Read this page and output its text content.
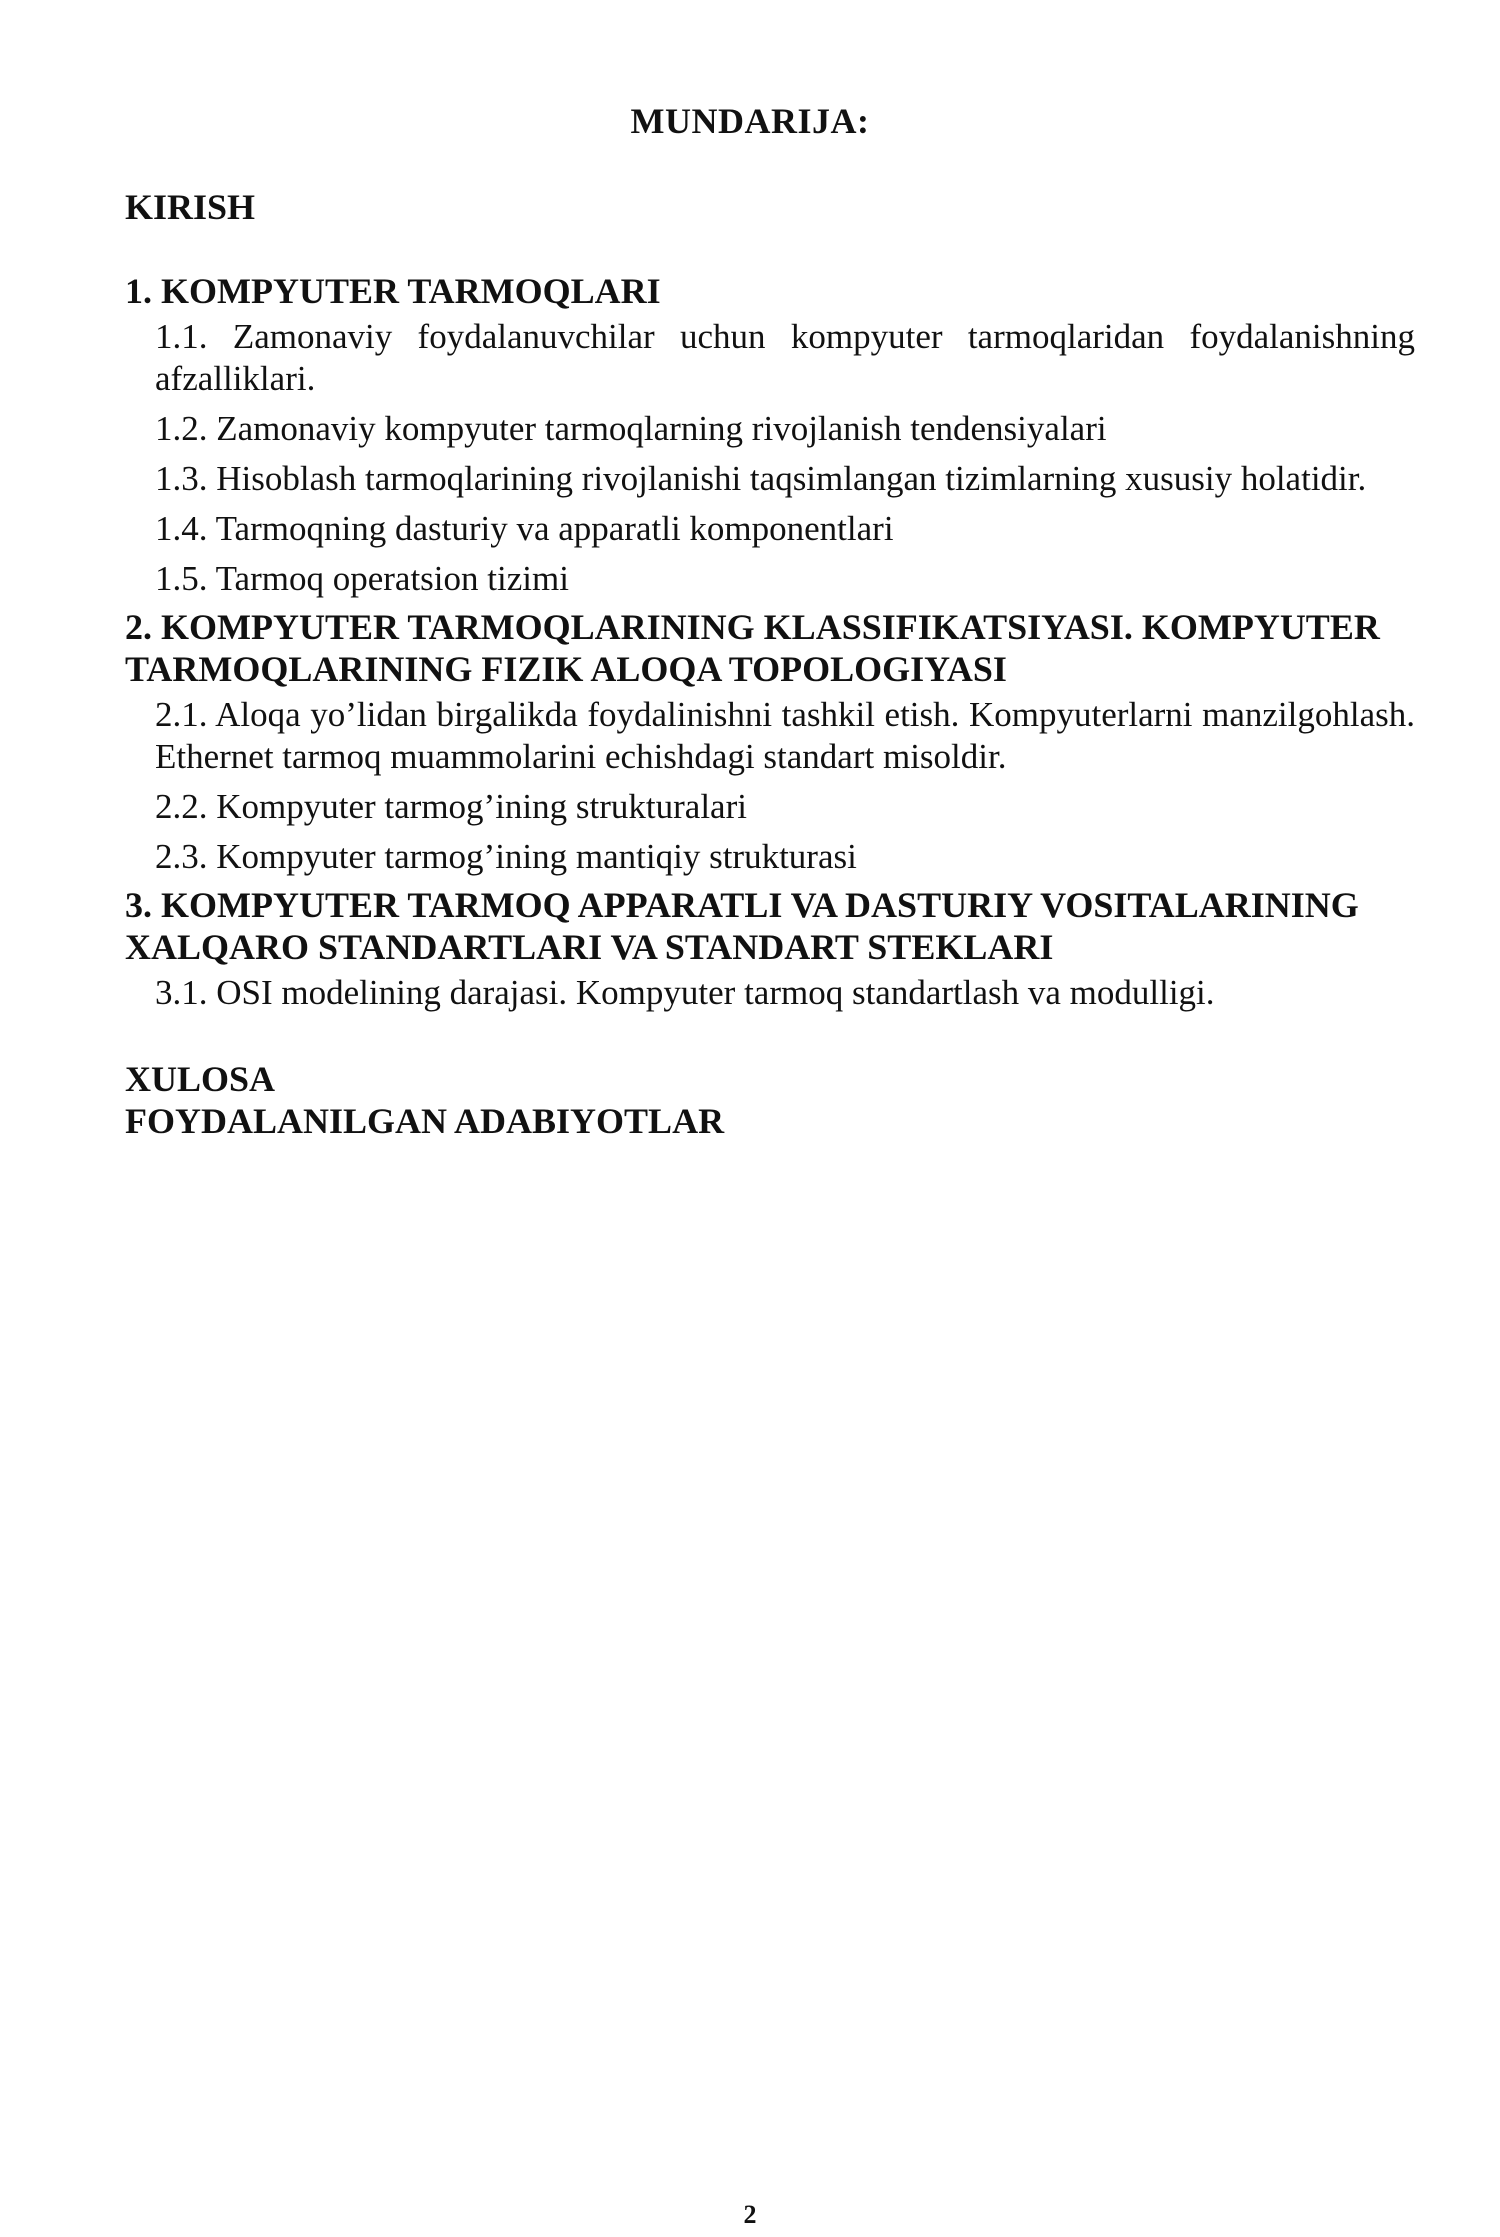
MUNDARIJA:

KIRISH

1. KOMPYUTER TARMOQLARI

1.1. Zamonaviy foydalanuvchilar uchun kompyuter tarmoqlaridan foydalanishning afzalliklari.

1.2. Zamonaviy kompyuter tarmoqlarning rivojlanish tendensiyalari

1.3. Hisoblash tarmoqlarining rivojlanishi taqsimlangan tizimlarning xususiy holatidir.

1.4. Tarmoqning dasturiy va apparatli komponentlari

1.5. Tarmoq operatsion tizimi

2. KOMPYUTER TARMOQLARINING KLASSIFIKATSIYASI. KOMPYUTER TARMOQLARINING FIZIK ALOQA TOPOLOGIYASI

2.1. Aloqa yo’lidan birgalikda foydalinishni tashkil etish. Kompyuterlarni manzilgohlash. Ethernet tarmoq muammolarini echishdagi standart misoldir.

2.2. Kompyuter tarmog’ining strukturalari

2.3. Kompyuter tarmog’ining mantiqiy strukturasi

3. KOMPYUTER TARMOQ APPARATLI VA DASTURIY VOSITALARINING XALQARO STANDARTLARI VA STANDART STEKLARI

3.1. OSI modelining darajasi. Kompyuter tarmoq standartlash va modulligi.

XULOSA

FOYDALANILGAN ADABIYOTLAR

2
